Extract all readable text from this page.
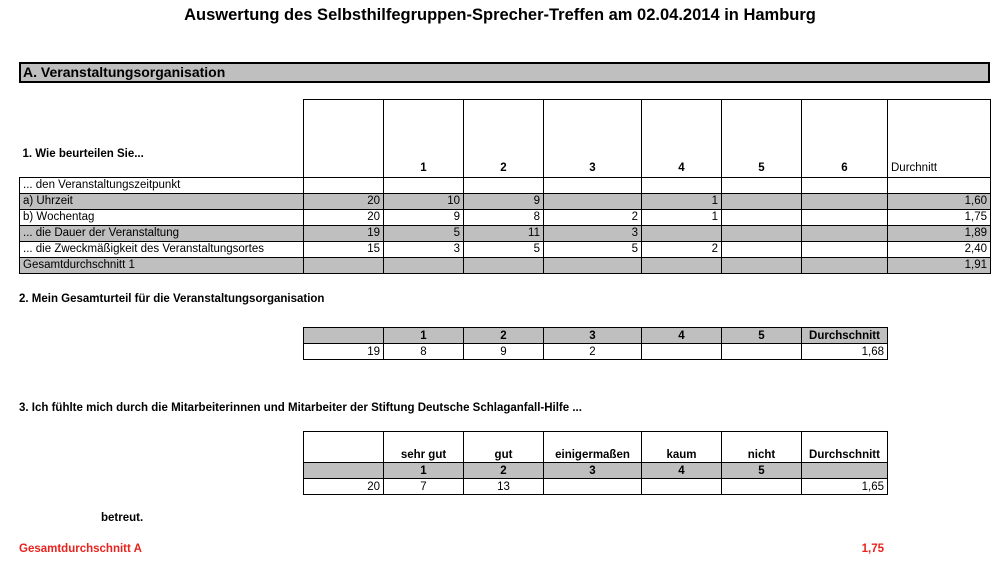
Auswertung des Selbsthilfegruppen-Sprecher-Treffen am 02.04.2014 in Hamburg
A. Veranstaltungsorganisation
1. Wie beurteilen Sie...		1	2	3	4	5	6	Durchnitt
... den Veranstaltungszeitpunkt								
a) Uhrzeit	20	10	9		1			1,60
b) Wochentag	20	9	8	2	1			1,75
... die Dauer der Veranstaltung	19	5	11	3				1,89
... die Zweckmäßigkeit des Veranstaltungsortes	15	3	5	5	2			2,40
Gesamtdurchschnitt 1								1,91
2. Mein Gesamturteil für die Veranstaltungsorganisation
	1	2	3	4	5	Durchschnitt
19	8	9	2			1,68
3. Ich fühlte mich durch die Mitarbeiterinnen und Mitarbeiter der Stiftung Deutsche Schlaganfall-Hilfe ...
	sehr gut	gut	einigermaßen	kaum	nicht	Durchschnitt
	1	2	3	4	5	
20	7	13				1,65
betreut.
Gesamtdurchschnitt A	1,75
